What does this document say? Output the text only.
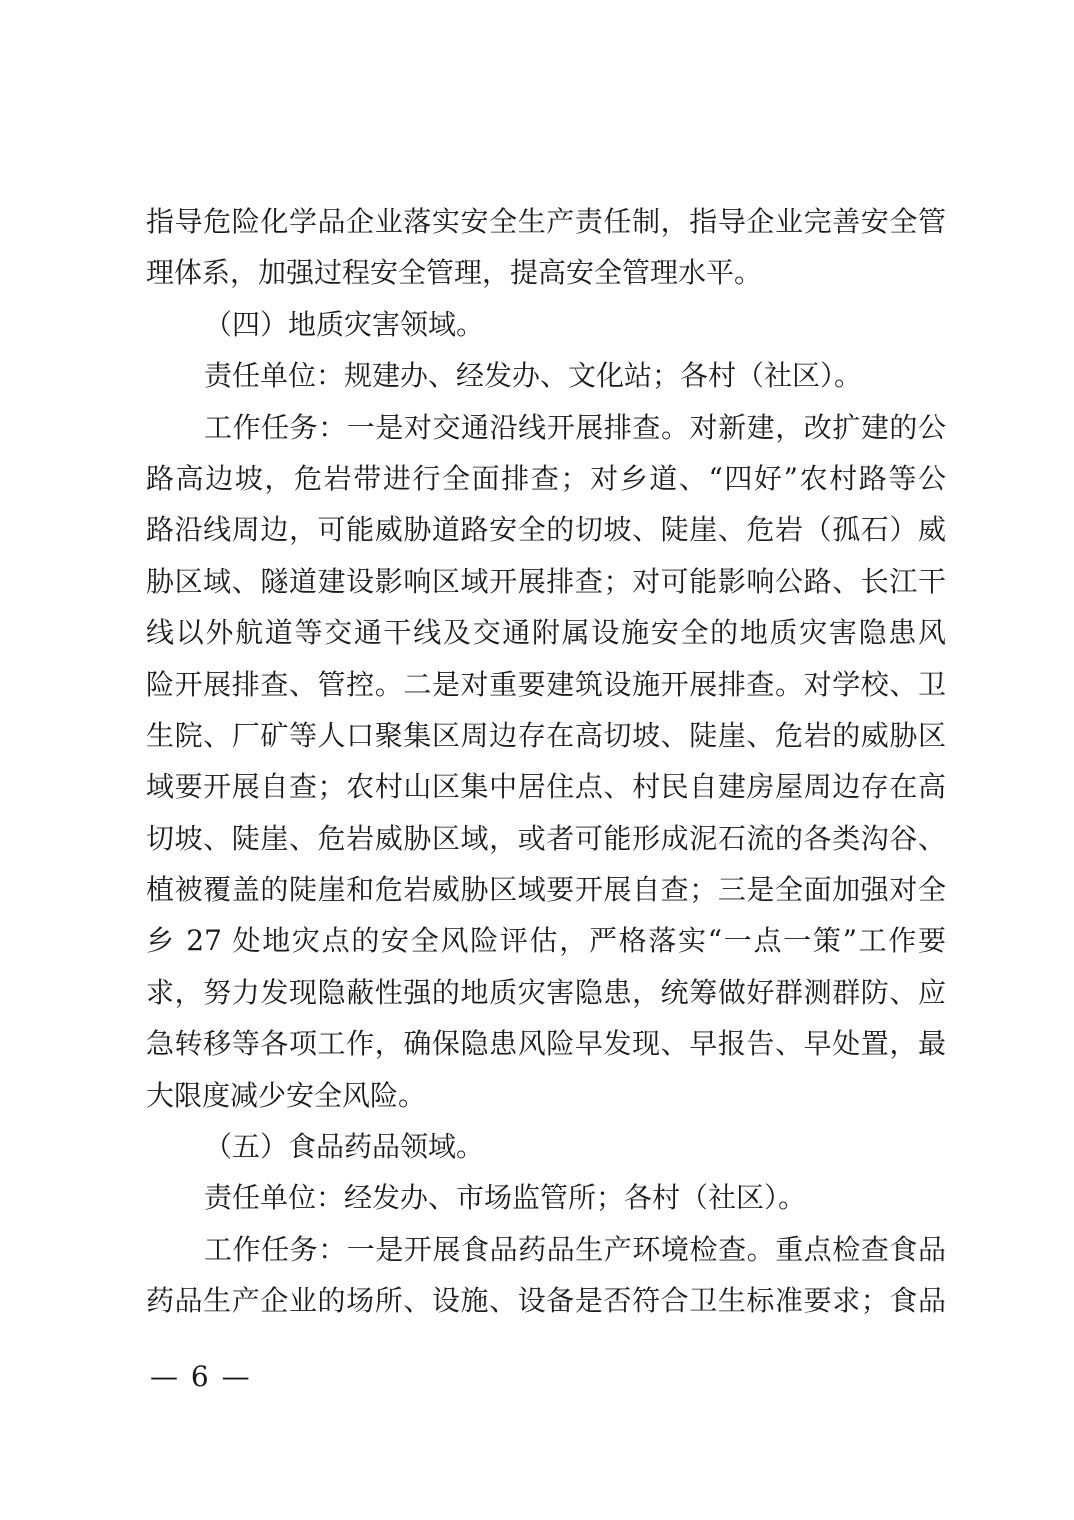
指导危险化学品企业落实安全生产责任制，指导企业完善安全管
理体系，加强过程安全管理，提高安全管理水平。
（四）地质灾害领域。
责任单位：规建办、经发办、文化站；各村（社区）。
工作任务：一是对交通沿线开展排查。对新建，改扩建的公
路高边坡，危岩带进行全面排查；对乡道、“四好”农村路等公
路沿线周边，可能威胁道路安全的切坡、陡崖、危岩（孤石）威
胁区域、隧道建设影响区域开展排查；对可能影响公路、长江干
线以外航道等交通干线及交通附属设施安全的地质灾害隐患风
险开展排查、管控。二是对重要建筑设施开展排查。对学校、卫
生院、厂矿等人口聚集区周边存在高切坡、陡崖、危岩的威胁区
域要开展自查；农村山区集中居住点、村民自建房屋周边存在高
切坡、陡崖、危岩威胁区域，或者可能形成泥石流的各类沟谷、
植被覆盖的陡崖和危岩威胁区域要开展自查；三是全面加强对全
乡 27 处地灾点的安全风险评估，严格落实“一点一策”工作要
求，努力发现隐蔽性强的地质灾害隐患，统筹做好群测群防、应
急转移等各项工作，确保隐患风险早发现、早报告、早处置，最
大限度减少安全风险。
（五）食品药品领域。
责任单位：经发办、市场监管所；各村（社区）。
工作任务：一是开展食品药品生产环境检查。重点检查食品
药品生产企业的场所、设施、设备是否符合卫生标准要求；食品
— 6 —
